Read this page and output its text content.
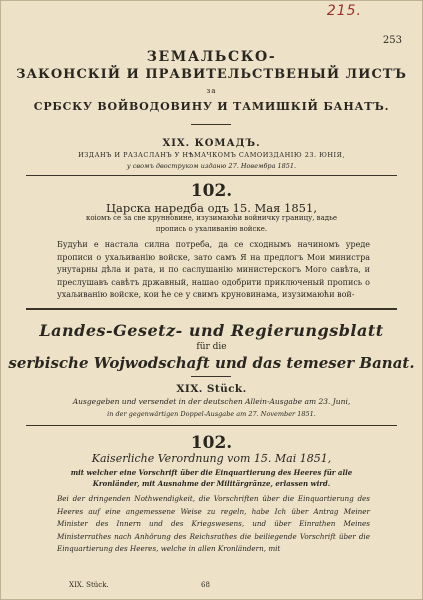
215.
253
ЗЕМАЛЬСКО-
ЗАКОНСКІЙ И ПРАВИТЕЛЬСТВЕНЫЙ ЛИСТЪ
за
СРБСКУ ВОЙВОДОВИНУ И ТАМИШКІЙ БАНАТЪ.
XIX. КОМАДЪ.
ИЗДАНЪ И РАЗАСЛАНЪ У НѢМАЧКОМЪ САМОИЗДАНІЮ 23. ЮНІЯ,
у свомъ двоструком изданю 27. Новембра 1851.
102.
Царска наредба одъ 15. Мая 1851,
коіомъ се за све крунновине, изузимаюћи войничку границу, вадье пропись о ухаливанію войске.
Будући е настала силна потреба, да се сходнымъ начиномъ уреде прописи о ухаљиванію войске, зато самъ Я на предлогъ Мои министра унутарны дѣла и рата, и по саслушанію министерскогъ Мого савѣта, и преслушавъ савѣтъ државный, нашао одобрити приключеный пропись о ухаљиванію войске, кои ће се у свимъ круновинама, изузимаюћи вой-
Landes-Gesetz- und Regierungsblatt
für die
serbische Wojwodschaft und das temeser Banat.
XIX. Stück.
Ausgegeben und versendet in der deutschen Allein-Ausgabe am 23. Juni,
in der gegenwärtigen Doppel-Ausgabe am 27. November 1851.
102.
Kaiserliche Verordnung vom 15. Mai 1851,
mit welcher eine Vorschrift über die Einquartierung des Heeres für alle Kronländer, mit Ausnahme der Militärgränze, erlassen wird.
Bei der dringenden Nothwendigkeit, die Vorschriften über die Einquartierung des Heeres auf eine angemessene Weise zu regeln, habe Ich über Antrag Meiner Minister des Innern und des Kriegswesens, und über Einrathen Meines Ministerrathes nach Anhörung des Reichsrathes die beiliegende Vorschrift über die Einquartierung des Heeres, welche in allen Kronländern, mit
XIX. Stück.	68
